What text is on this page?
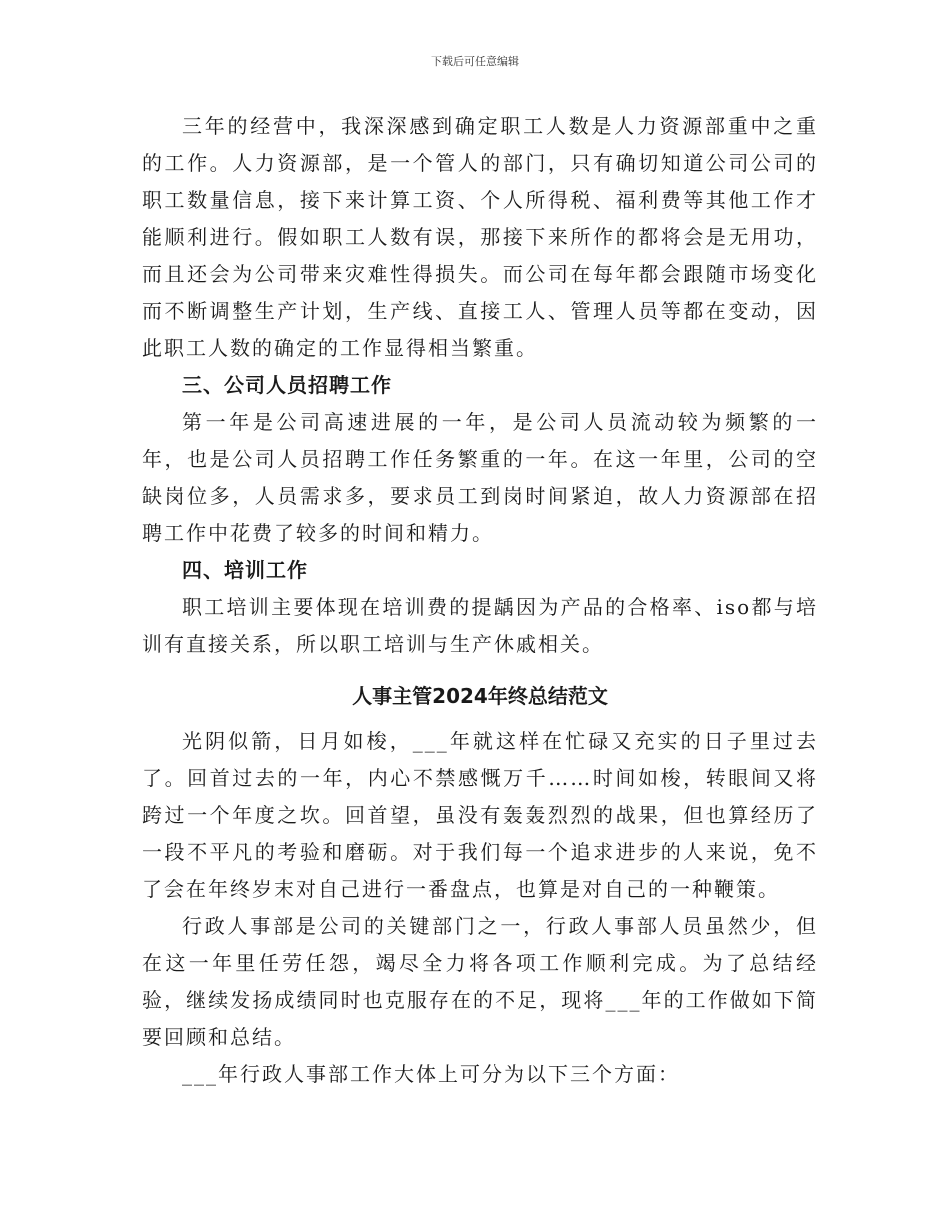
下载后可任意编辑

三年的经营中，我深深感到确定职工人数是人力资源部重中之重的工作。人力资源部，是一个管人的部门，只有确切知道公司公司的职工数量信息，接下来计算工资、个人所得税、福利费等其他工作才能顺利进行。假如职工人数有误，那接下来所作的都将会是无用功，而且还会为公司带来灾难性得损失。而公司在每年都会跟随市场变化而不断调整生产计划，生产线、直接工人、管理人员等都在变动，因此职工人数的确定的工作显得相当繁重。

三、公司人员招聘工作

第一年是公司高速进展的一年，是公司人员流动较为频繁的一年，也是公司人员招聘工作任务繁重的一年。在这一年里，公司的空缺岗位多，人员需求多，要求员工到岗时间紧迫，故人力资源部在招聘工作中花费了较多的时间和精力。

四、培训工作

职工培训主要体现在培训费的提龋因为产品的合格率、iso都与培训有直接关系，所以职工培训与生产休戚相关。

人事主管2024年终总结范文

光阴似箭，日月如梭，___年就这样在忙碌又充实的日子里过去了。回首过去的一年，内心不禁感慨万千……时间如梭，转眼间又将跨过一个年度之坎。回首望，虽没有轰轰烈烈的战果，但也算经历了一段不平凡的考验和磨砺。对于我们每一个追求进步的人来说，免不了会在年终岁末对自己进行一番盘点，也算是对自己的一种鞭策。

行政人事部是公司的关键部门之一，行政人事部人员虽然少，但在这一年里任劳任怨，竭尽全力将各项工作顺利完成。为了总结经验，继续发扬成绩同时也克服存在的不足，现将___年的工作做如下简要回顾和总结。

___年行政人事部工作大体上可分为以下三个方面：
